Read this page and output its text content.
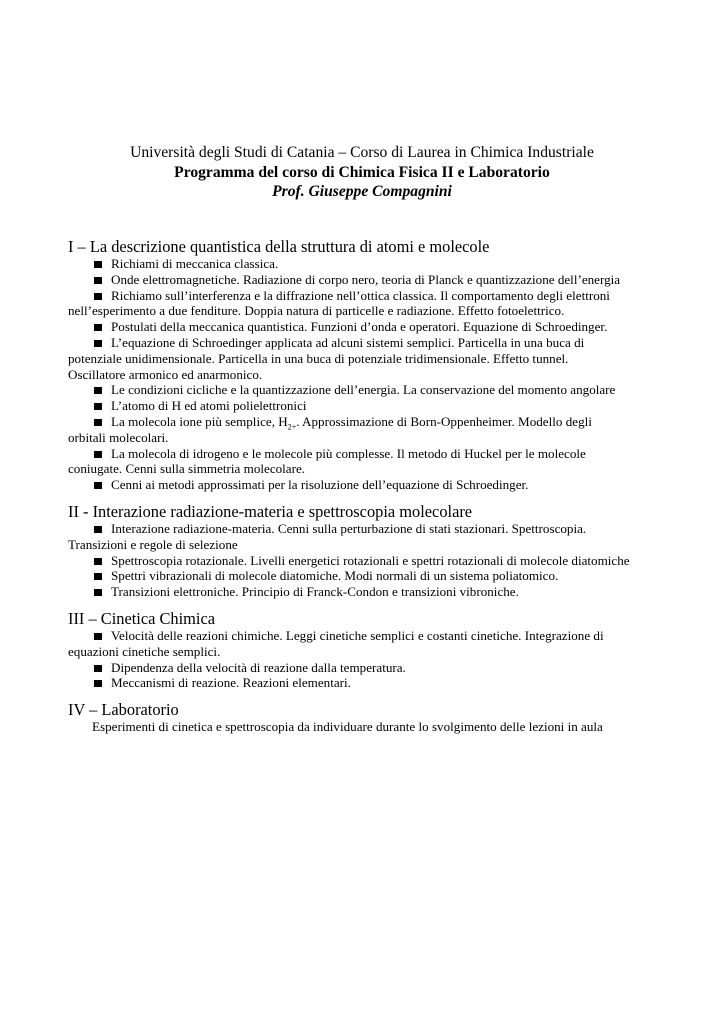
Università degli Studi di Catania – Corso di Laurea in Chimica Industriale
Programma del corso di Chimica Fisica II e Laboratorio
Prof. Giuseppe Compagnini
I – La descrizione quantistica della struttura di atomi e molecole
Richiami di meccanica classica.
Onde elettromagnetiche. Radiazione di corpo nero, teoria di Planck e quantizzazione dell’energia
Richiamo sull’interferenza e la diffrazione nell’ottica classica. Il comportamento degli elettroni
nell’esperimento a due fenditure. Doppia natura di particelle e radiazione. Effetto fotoelettrico.
Postulati della meccanica quantistica. Funzioni d’onda e operatori. Equazione di Schroedinger.
L’equazione di Schroedinger applicata ad alcuni sistemi semplici. Particella in una buca di
potenziale unidimensionale. Particella in una buca di potenziale tridimensionale. Effetto tunnel.
Oscillatore armonico ed anarmonico.
Le condizioni cicliche e la quantizzazione dell’energia. La conservazione del momento angolare
L’atomo di H ed atomi polielettronici
La molecola ione più semplice, $H_{2+}$. Approssimazione di Born-Oppenheimer. Modello degli
orbitali molecolari.
La molecola di idrogeno e le molecole più complesse. Il metodo di Huckel per le molecole
coniugate. Cenni sulla simmetria molecolare.
Cenni ai metodi approssimati per la risoluzione dell’equazione di Schroedinger.
II - Interazione radiazione-materia e spettroscopia molecolare
Interazione radiazione-materia. Cenni sulla perturbazione di stati stazionari. Spettroscopia.
Transizioni e regole di selezione
Spettroscopia rotazionale. Livelli energetici rotazionali e spettri rotazionali di molecole diatomiche
Spettri vibrazionali di molecole diatomiche. Modi normali di un sistema poliatomico.
Transizioni elettroniche. Principio di Franck-Condon e transizioni vibroniche.
III – Cinetica Chimica
Velocità delle reazioni chimiche. Leggi cinetiche semplici e costanti cinetiche. Integrazione di
equazioni cinetiche semplici.
Dipendenza della velocità di reazione dalla temperatura.
Meccanismi di reazione. Reazioni elementari.
IV – Laboratorio
Esperimenti di cinetica e spettroscopia da individuare durante lo svolgimento delle lezioni in aula
